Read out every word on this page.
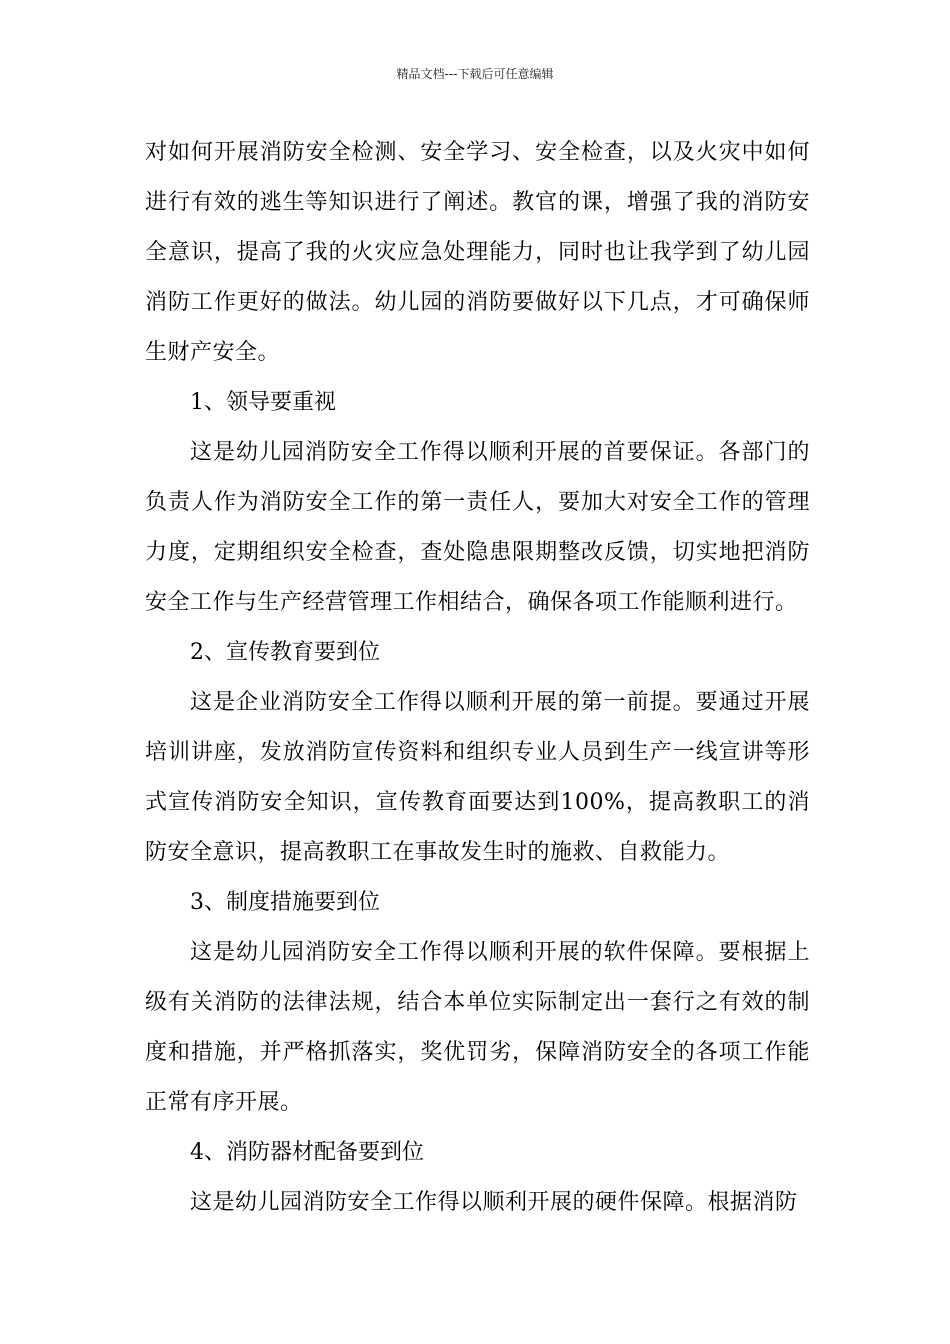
精品文档---下载后可任意编辑

对如何开展消防安全检测、安全学习、安全检查，以及火灾中如何进行有效的逃生等知识进行了阐述。教官的课，增强了我的消防安全意识，提高了我的火灾应急处理能力，同时也让我学到了幼儿园消防工作更好的做法。幼儿园的消防要做好以下几点，才可确保师生财产安全。

1、领导要重视

这是幼儿园消防安全工作得以顺利开展的首要保证。各部门的负责人作为消防安全工作的第一责任人，要加大对安全工作的管理力度，定期组织安全检查，查处隐患限期整改反馈，切实地把消防安全工作与生产经营管理工作相结合，确保各项工作能顺利进行。

2、宣传教育要到位

这是企业消防安全工作得以顺利开展的第一前提。要通过开展培训讲座，发放消防宣传资料和组织专业人员到生产一线宣讲等形式宣传消防安全知识，宣传教育面要达到100%，提高教职工的消防安全意识，提高教职工在事故发生时的施救、自救能力。

3、制度措施要到位

这是幼儿园消防安全工作得以顺利开展的软件保障。要根据上级有关消防的法律法规，结合本单位实际制定出一套行之有效的制度和措施，并严格抓落实，奖优罚劣，保障消防安全的各项工作能正常有序开展。

4、消防器材配备要到位

这是幼儿园消防安全工作得以顺利开展的硬件保障。根据消防
